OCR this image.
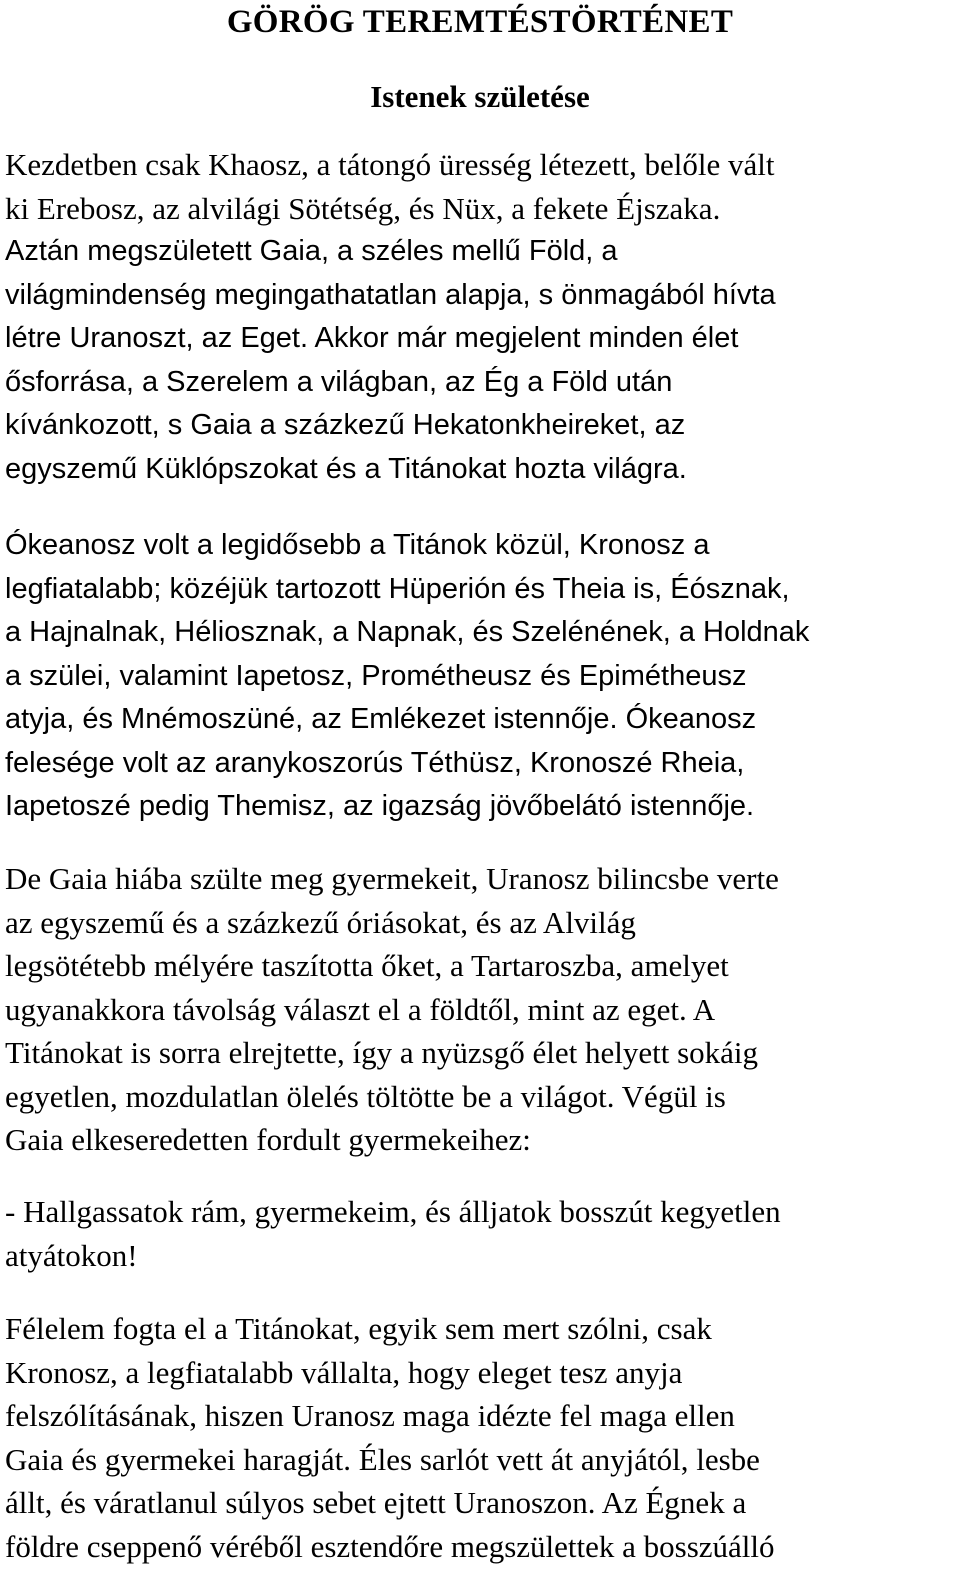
GÖRÖG TEREMTÉSTÖRTÉNET
Istenek születése
Kezdetben csak Khaosz, a tátongó üresség létezett, belőle vált
ki Erebosz, az alvilági Sötétség, és Nüx, a fekete Éjszaka.
Aztán megszületett Gaia, a széles mellű Föld, a
világmindenség megingathatatlan alapja, s önmagából hívta
létre Uranoszt, az Eget. Akkor már megjelent minden élet
ősforrása, a Szerelem a világban, az Ég a Föld után
kívánkozott, s Gaia a százkezű Hekatonkheireket, az
egyszemű Küklópszokat és a Titánokat hozta világra.
Ókeanosz volt a legidősebb a Titánok közül, Kronosz a
legfiatalabb; közéjük tartozott Hüperión és Theia is, Éósznak,
a Hajnalnak, Héliosznak, a Napnak, és Szelénének, a Holdnak
a szülei, valamint Iapetosz, Prométheusz és Epimétheusz
atyja, és Mnémoszüné, az Emlékezet istennője. Ókeanosz
felesége volt az aranykoszorús Téthüsz, Kronoszé Rheia,
Iapetoszé pedig Themisz, az igazság jövőbelátó istennője.
De Gaia hiába szülte meg gyermekeit, Uranosz bilincsbe verte
az egyszemű és a százkezű óriásokat, és az Alvilág
legsötétebb mélyére taszította őket, a Tartaroszba, amelyet
ugyanakkora távolság választ el a földtől, mint az eget. A
Titánokat is sorra elrejtette, így a nyüzsgő élet helyett sokáig
egyetlen, mozdulatlan ölelés töltötte be a világot. Végül is
Gaia elkeseredetten fordult gyermekeihez:
- Hallgassatok rám, gyermekeim, és álljatok bosszút kegyetlen
atyátokon!
Félelem fogta el a Titánokat, egyik sem mert szólni, csak
Kronosz, a legfiatalabb vállalta, hogy eleget tesz anyja
felszólításának, hiszen Uranosz maga idézte fel maga ellen
Gaia és gyermekei haragját. Éles sarlót vett át anyjától, lesbe
állt, és váratlanul súlyos sebet ejtett Uranoszon. Az Égnek a
földre cseppenő véréből esztendőre megszülettek a bosszúálló
